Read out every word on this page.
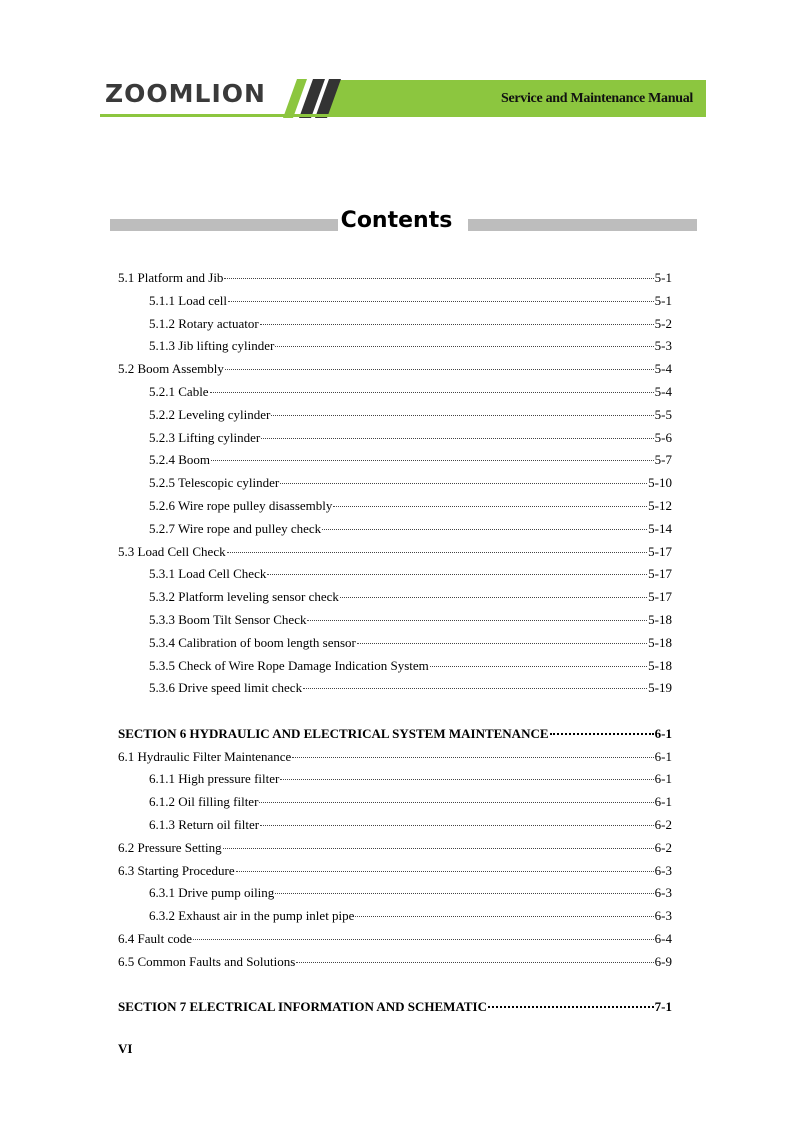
ZOOMLION	Service and Maintenance Manual
Contents
5.1 Platform and Jib	5-1
5.1.1 Load cell	5-1
5.1.2 Rotary actuator	5-2
5.1.3 Jib lifting cylinder	5-3
5.2 Boom Assembly	5-4
5.2.1 Cable	5-4
5.2.2 Leveling cylinder	5-5
5.2.3 Lifting cylinder	5-6
5.2.4 Boom	5-7
5.2.5 Telescopic cylinder	5-10
5.2.6 Wire rope pulley disassembly	5-12
5.2.7 Wire rope and pulley check	5-14
5.3 Load Cell Check	5-17
5.3.1 Load Cell Check	5-17
5.3.2 Platform leveling sensor check	5-17
5.3.3 Boom Tilt Sensor Check	5-18
5.3.4 Calibration of boom length sensor	5-18
5.3.5 Check of Wire Rope Damage Indication System	5-18
5.3.6 Drive speed limit check	5-19
SECTION 6 HYDRAULIC AND ELECTRICAL SYSTEM MAINTENANCE	6-1
6.1 Hydraulic Filter Maintenance	6-1
6.1.1 High pressure filter	6-1
6.1.2 Oil filling filter	6-1
6.1.3 Return oil filter	6-2
6.2 Pressure Setting	6-2
6.3 Starting Procedure	6-3
6.3.1 Drive pump oiling	6-3
6.3.2 Exhaust air in the pump inlet pipe	6-3
6.4 Fault code	6-4
6.5 Common Faults and Solutions	6-9
SECTION 7 ELECTRICAL INFORMATION AND SCHEMATIC	7-1
VI
